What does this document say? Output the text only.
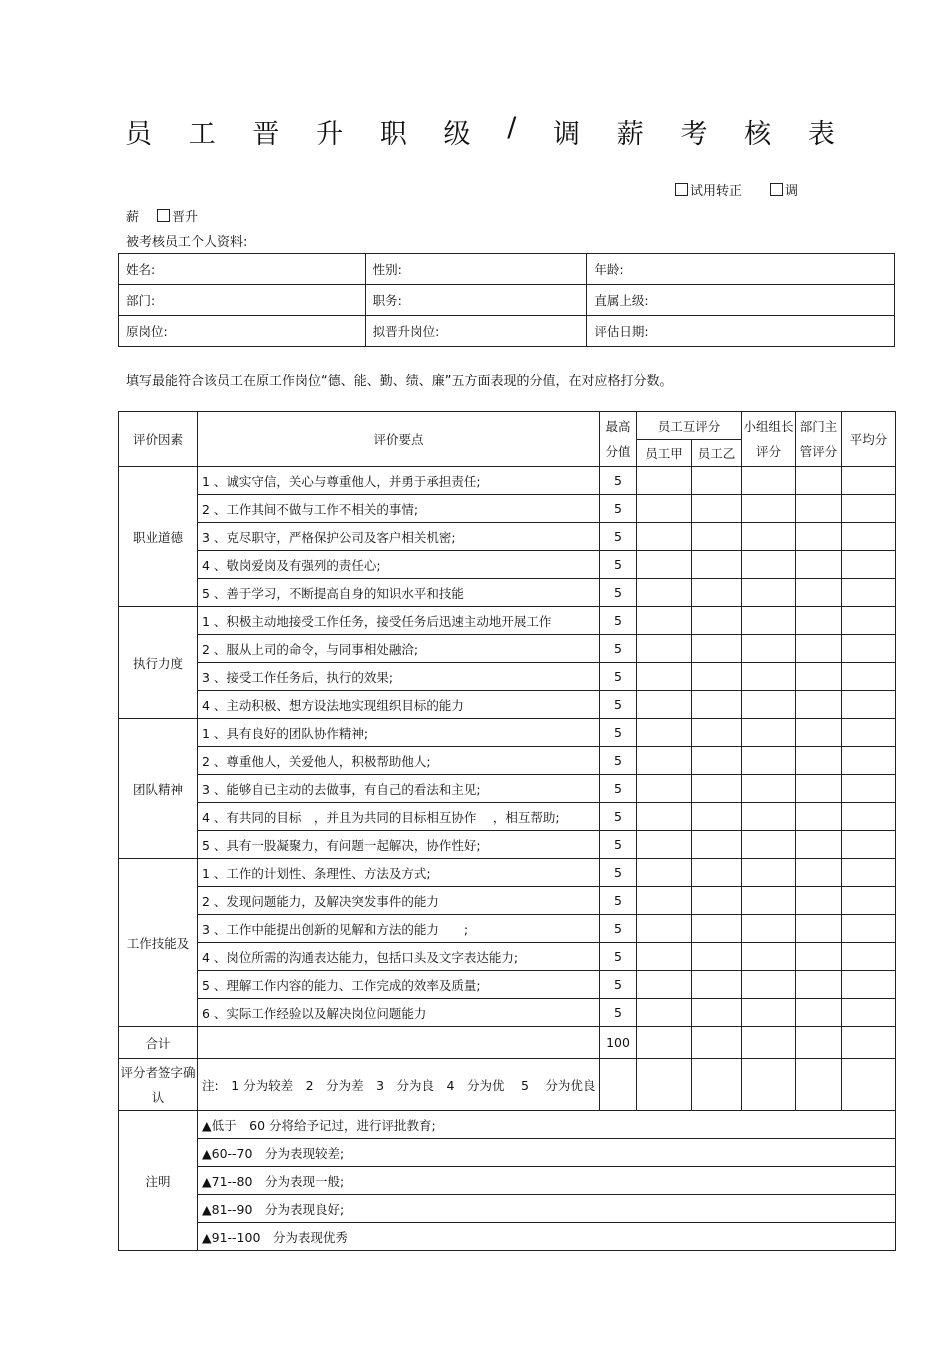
员 工 晋 升 职 级 / 调 薪 考 核 表
试用转正	调
薪	晋升
被考核员工个人资料:
姓名:	性别:	年龄:
部门:	职务:	直属上级:
原岗位:	拟晋升岗位:	评估日期:
填写最能符合该员工在原工作岗位“德、能、勤、绩、廉”五方面表现的分值，在对应格打分数。
评价因素	评价要点	最高分值	员工互评分		小组组长评分	部门主管评分	平均分
			员工甲	员工乙			
职业道德	1 、诚实守信，关心与尊重他人，并勇于承担责任;	5					
	2 、工作其间不做与工作不相关的事情;	5					
	3 、克尽职守，严格保护公司及客户相关机密;	5					
	4 、敬岗爱岗及有强列的责任心;	5					
	5 、善于学习，不断提高自身的知识水平和技能	5					
执行力度	1 、积极主动地接受工作任务，接受任务后迅速主动地开展工作	5					
	2 、服从上司的命令，与同事相处融洽;	5					
	3 、接受工作任务后，执行的效果;	5					
	4 、主动积极、想方设法地实现组织目标的能力	5					
团队精神	1 、具有良好的团队协作精神;	5					
	2 、尊重他人，关爱他人，积极帮助他人;	5					
	3 、能够自已主动的去做事，有自己的看法和主见;	5					
	4 、有共同的目标　，并且为共同的目标相互协作　 ，相互帮助;	5					
	5 、具有一股凝聚力，有问题一起解决，协作性好;	5					
工作技能及	1 、工作的计划性、条理性、方法及方式;	5					
	2 、发现问题能力，及解决突发事件的能力	5					
	3 、工作中能提出创新的见解和方法的能力　　;	5					
	4 、岗位所需的沟通表达能力，包括口头及文字表达能力;	5					
	5 、理解工作内容的能力、工作完成的效率及质量;	5					
	6 、实际工作经验以及解决岗位问题能力	5					
合计		100					
评分者签字确认	注:　1 分为较差　2　分为差　3　分为良　4　分为优　 5　 分为优良						
注明	▲低于　60 分将给予记过，进行评批教育;						
	▲60--70　分为表现较差;						
	▲71--80　分为表现一般;						
	▲81--90　分为表现良好;						
	▲91--100　分为表现优秀						
